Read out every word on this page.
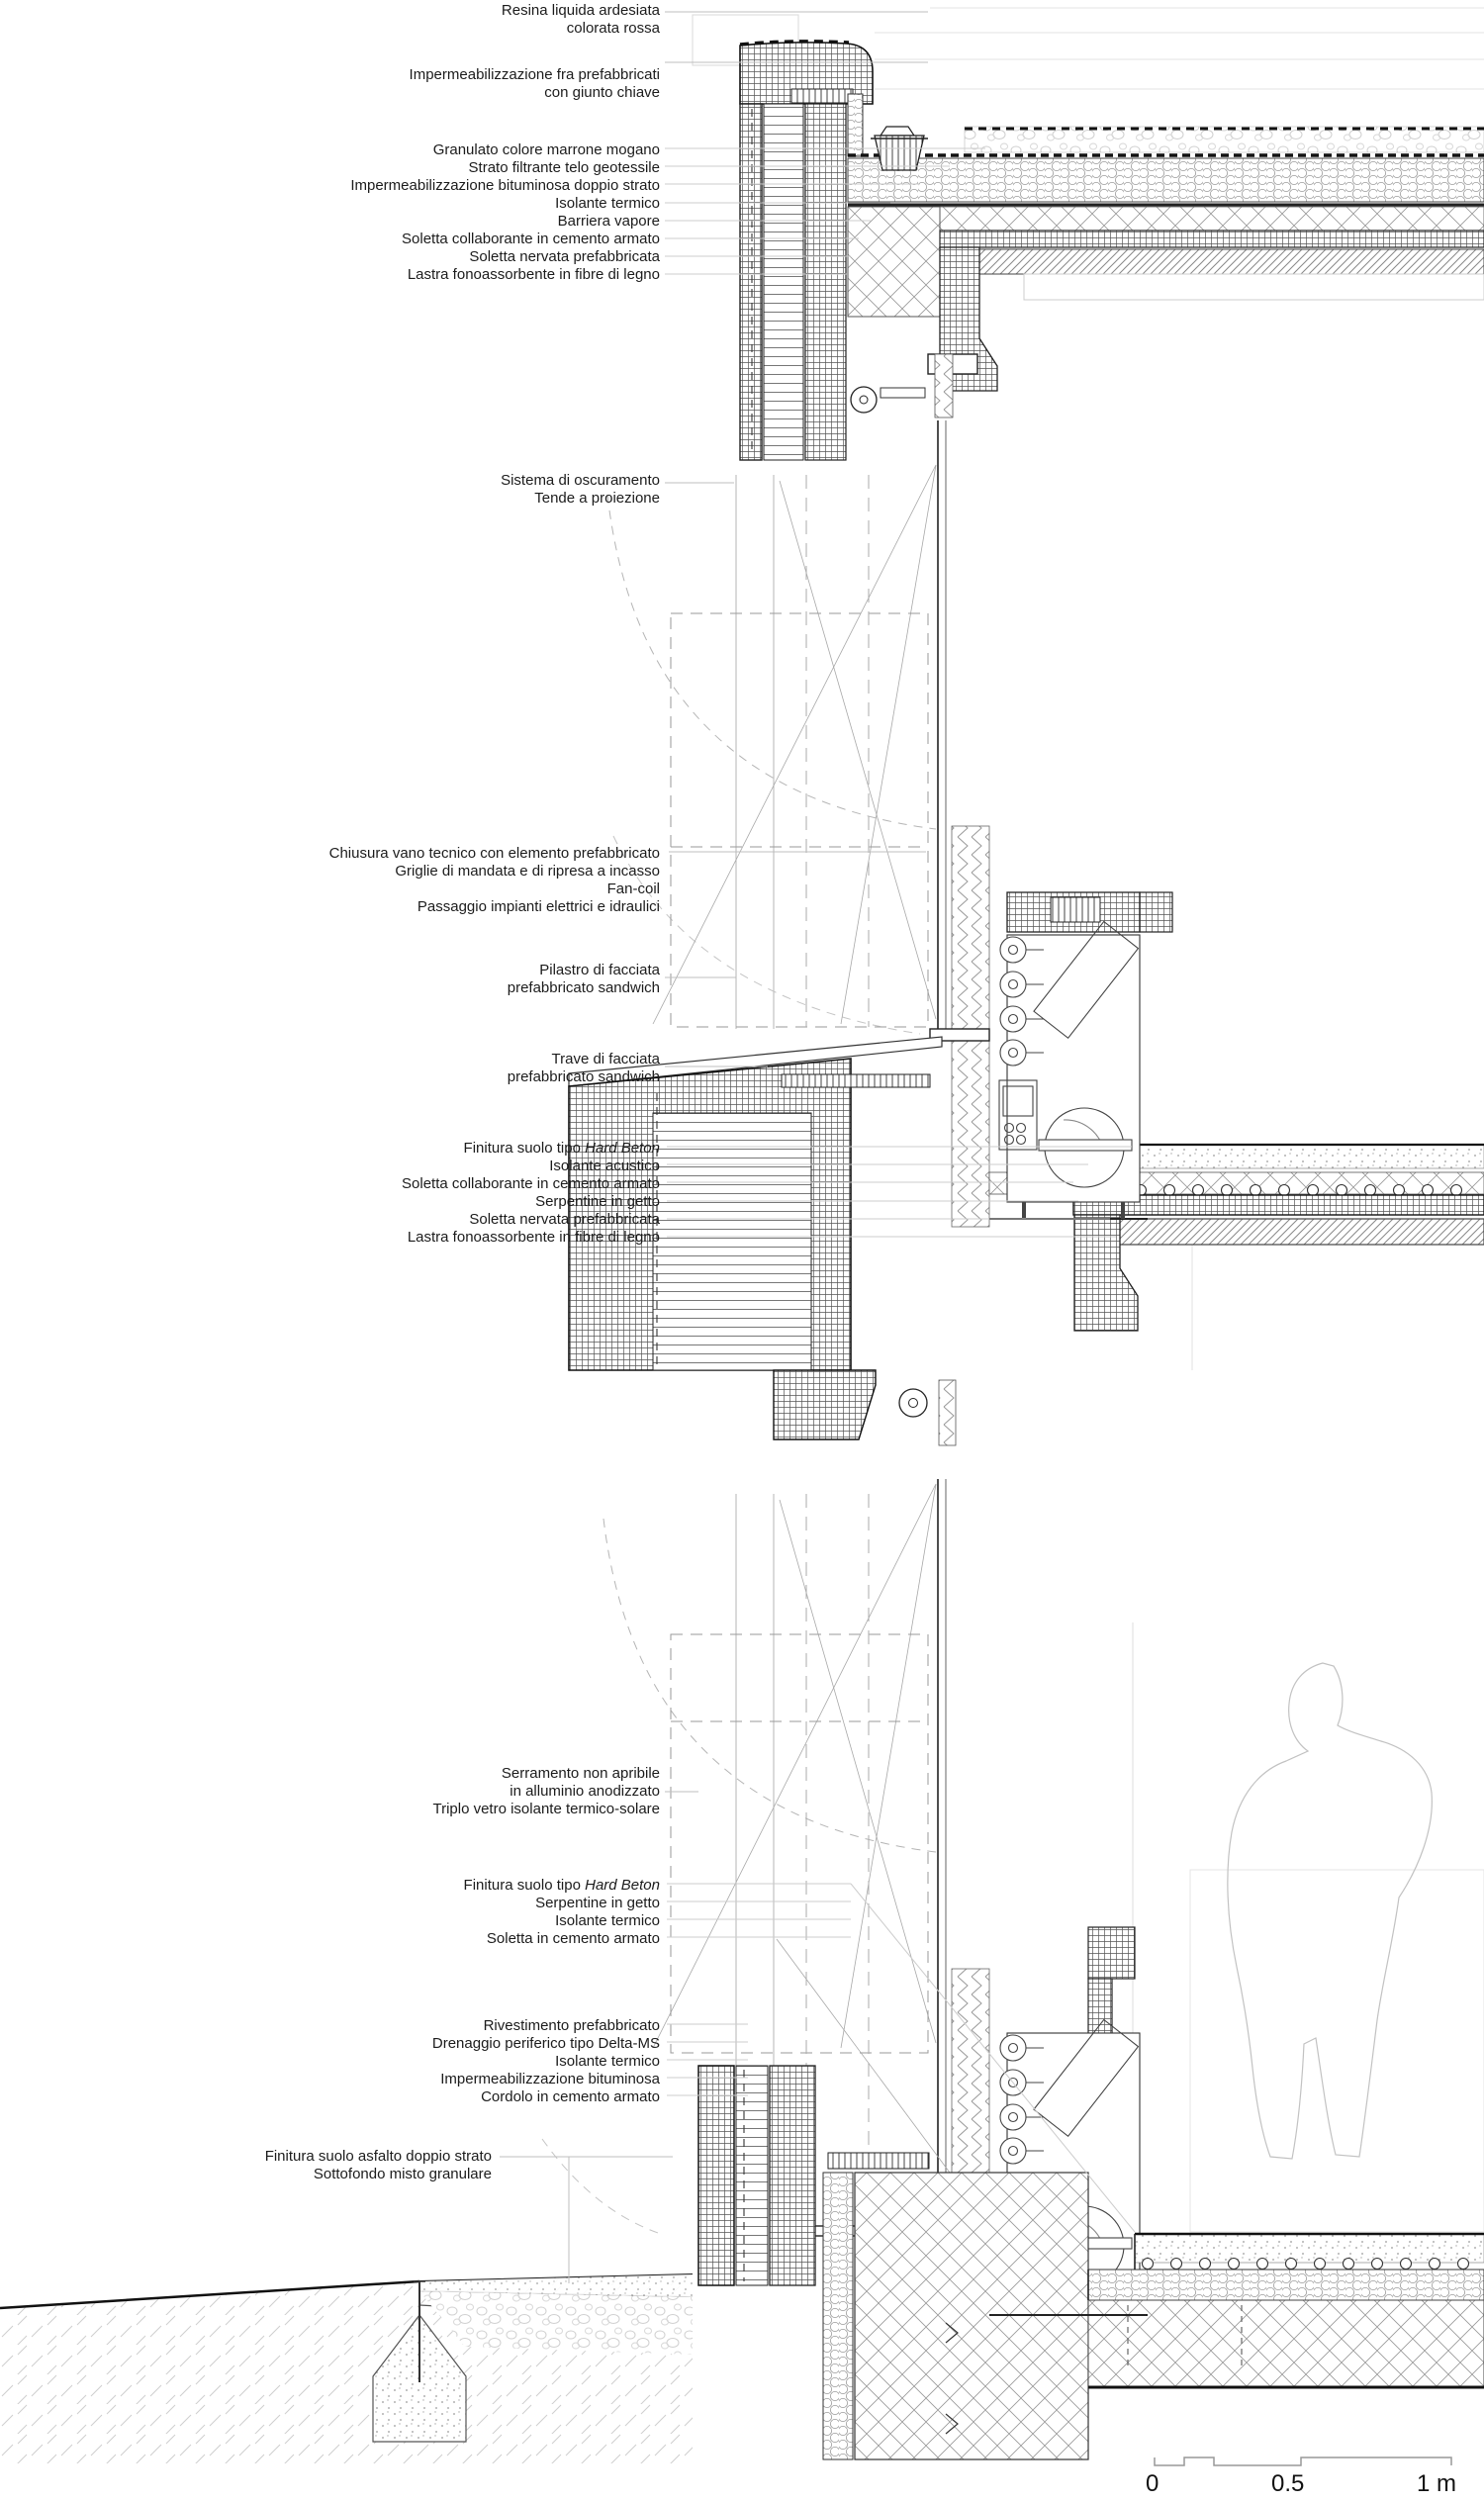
Resina liquida ardesiata
colorata rossa
Impermeabilizzazione fra prefabbricati
con giunto chiave
Granulato colore marrone mogano
Strato filtrante telo geotessile
Impermeabilizzazione bituminosa doppio strato
Isolante termico
Barriera vapore
Soletta collaborante in cemento armato
Soletta nervata prefabbricata
Lastra fonoassorbente in fibre di legno
Sistema di oscuramento
Tende a proiezione
Chiusura vano tecnico con elemento prefabbricato
Griglie di mandata e di ripresa a incasso
Fan-coil
Passaggio impianti elettrici e idraulici
Pilastro di facciata
prefabbricato sandwich
Trave di facciata
prefabbricato sandwich
Finitura suolo tipo Hard Beton
Isolante acustico
Soletta collaborante in cemento armato
Serpentine in getto
Soletta nervata prefabbricata
Lastra fonoassorbente in fibre di legno
Serramento non apribile
in alluminio anodizzato
Triplo vetro isolante termico-solare
Finitura suolo tipo Hard Beton
Serpentine in getto
Isolante termico
Soletta in cemento armato
Rivestimento prefabbricato
Drenaggio periferico tipo Delta-MS
Isolante termico
Impermeabilizzazione bituminosa
Cordolo in cemento armato
Finitura suolo asfalto doppio strato
Sottofondo misto granulare
0	0.5	1 m
